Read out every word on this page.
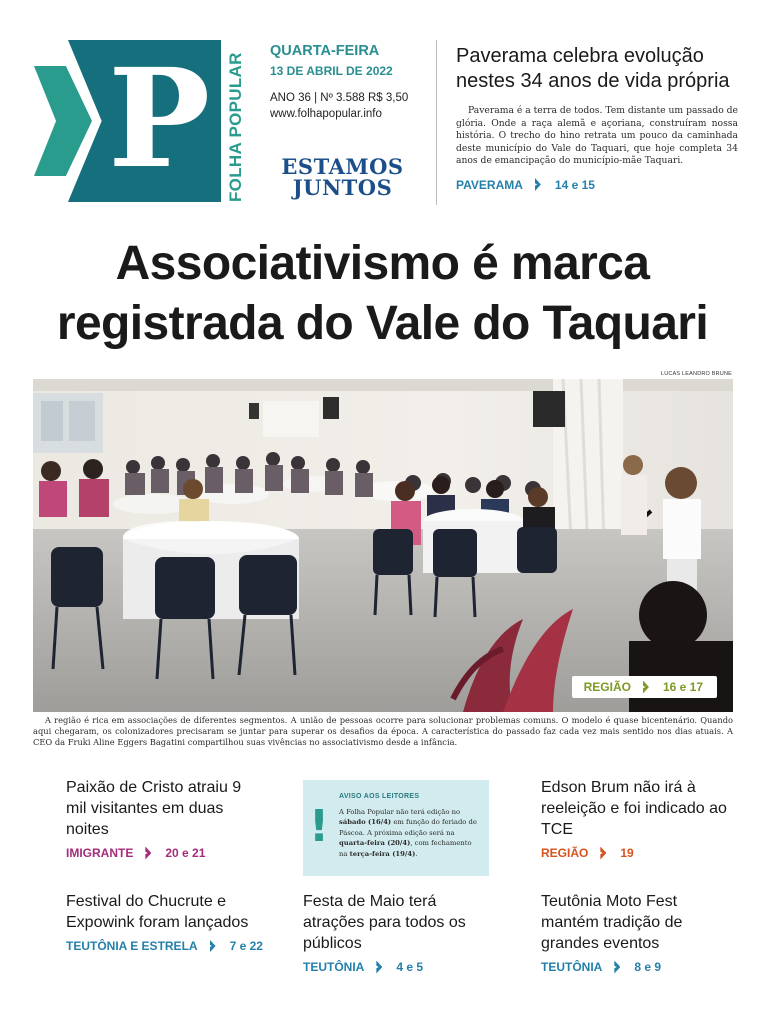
P FOLHA POPULAR
QUARTA-FEIRA
13 DE ABRIL DE 2022
ANO 36 | Nº 3.588 R$ 3,50
www.folhapopular.info
ESTAMOS
JUNTOS
Paverama celebra evolução nestes 34 anos de vida própria
Paverama é a terra de todos. Tem distante um passado de glória. Onde a raça alemã e açoriana, construíram nossa história. O trecho do hino retrata um pouco da caminhada deste município do Vale do Taquari, que hoje completa 34 anos de emancipação do município-mãe Taquari.
PAVERAMA	14 e 15
Associativismo é marca
registrada do Vale do Taquari
LUCAS LEANDRO BRUNE
REGIÃO	16 e 17
A região é rica em associações de diferentes segmentos. A união de pessoas ocorre para solucionar problemas comuns. O modelo é quase bicentenário. Quando aqui chegaram, os colonizadores precisaram se juntar para superar os desafios da época. A característica do passado faz cada vez mais sentido nos dias atuais. A CEO da Fruki Aline Eggers Bagatini compartilhou suas vivências no associativismo desde a infância.
Paixão de Cristo atraiu 9 mil visitantes em duas noites
IMIGRANTE	20 e 21
!
AVISO AOS LEITORES
A Folha Popular não terá edição no sábado (16/4) em função do feriado de Páscoa. A próxima edição será na quarta-feira (20/4), com fechamento na terça-feira (19/4).
Edson Brum não irá à reeleição e foi indicado ao TCE
REGIÃO	19
Festival do Chucrute e Expowink foram lançados
TEUTÔNIA E ESTRELA	7 e 22
Festa de Maio terá atrações para todos os públicos
TEUTÔNIA	4 e 5
Teutônia Moto Fest mantém tradição de grandes eventos
TEUTÔNIA	8 e 9
